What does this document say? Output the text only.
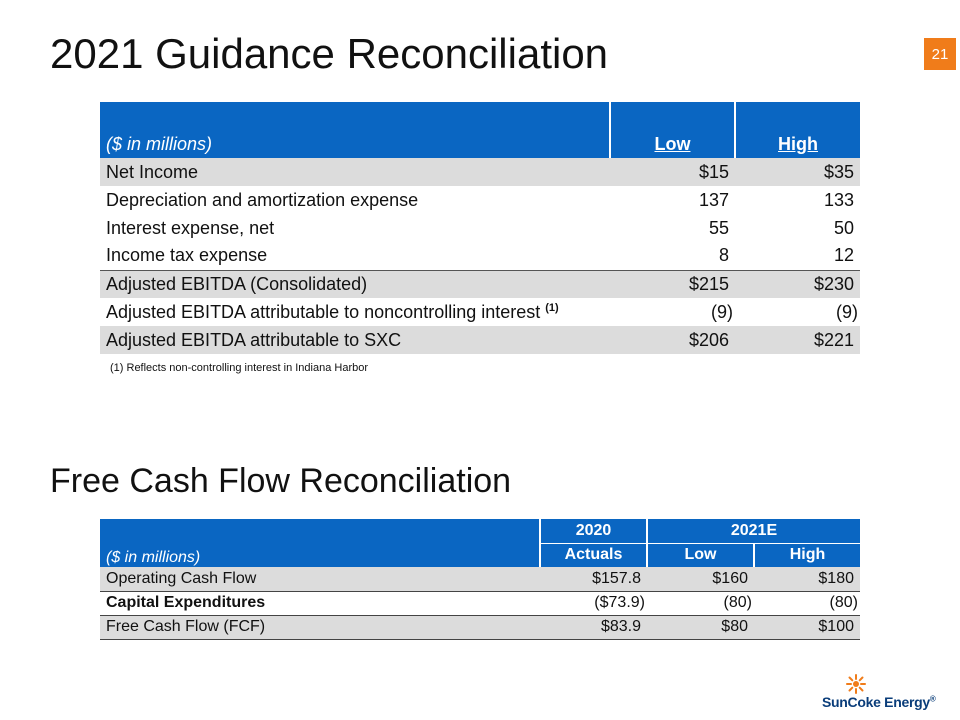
2021 Guidance Reconciliation	21
($ in millions)	Low	High
Net Income	$15	$35
Depreciation and amortization expense	137	133
Interest expense, net	55	50
Income tax expense	8	12
Adjusted EBITDA (Consolidated)	$215	$230
Adjusted EBITDA attributable to noncontrolling interest $^{(1)}$	(9)	(9)
Adjusted EBITDA attributable to SXC	$206	$221
(1) Reflects non-controlling interest in Indiana Harbor
Free Cash Flow Reconciliation
($ in millions)	2020	2021E	
	Actuals	Low	High
Operating Cash Flow	$157.8	$160	$180
Capital Expenditures	($73.9)	(80)	(80)
Free Cash Flow (FCF)	$83.9	$80	$100
SunCoke Energy®
